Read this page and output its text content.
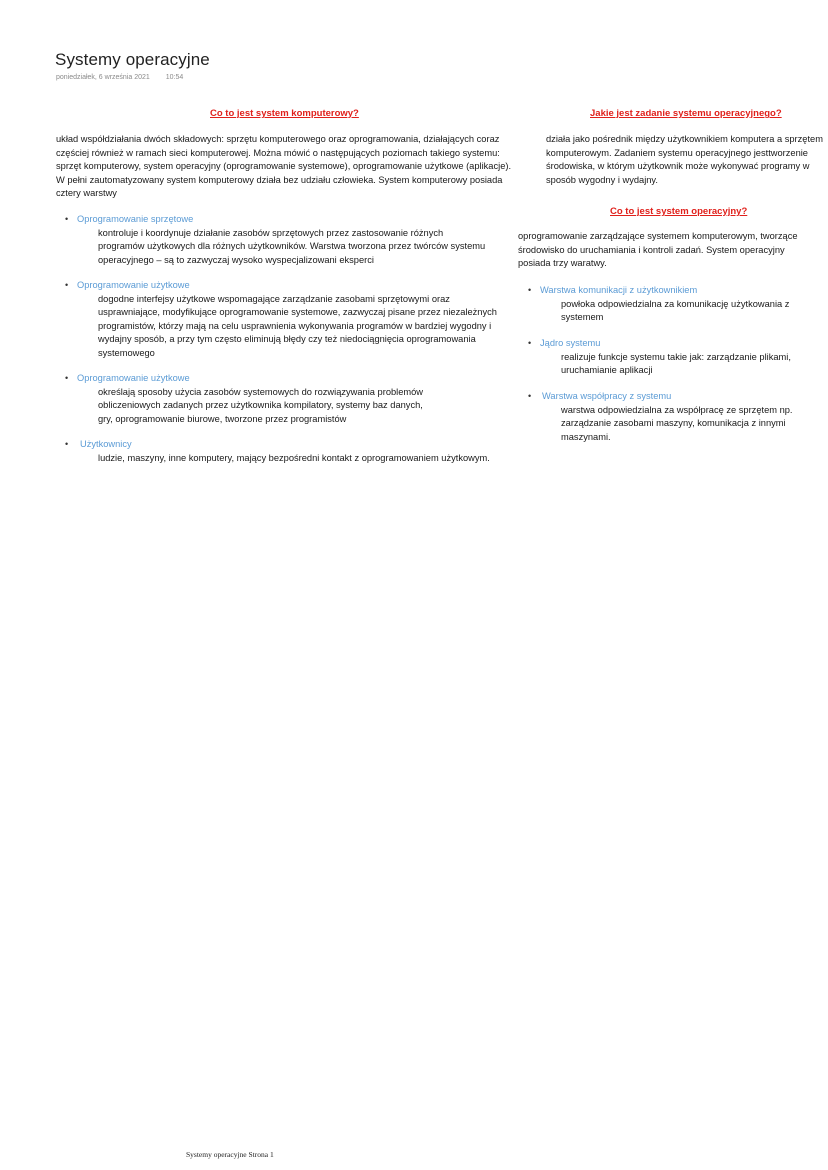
Systemy operacyjne
poniedziałek, 6 września 2021 10:54
Co to jest system komputerowy?
układ współdziałania dwóch składowych: sprzętu komputerowego oraz oprogramowania, działających coraz częściej również w ramach sieci komputerowej. Można mówić o następujących poziomach takiego systemu: sprzęt komputerowy, system operacyjny (oprogramowanie systemowe), oprogramowanie użytkowe (aplikacje). W pełni zautomatyzowany system komputerowy działa bez udziału człowieka. System komputerowy posiada cztery warstwy
• Oprogramowanie sprzętowe
kontroluje i koordynuje działanie zasobów sprzętowych przez zastosowanie różnych programów użytkowych dla różnych użytkowników. Warstwa tworzona przez twórców systemu operacyjnego – są to zazwyczaj wysoko wyspecjalizowani eksperci
• Oprogramowanie użytkowe
dogodne interfejsy użytkowe wspomagające zarządzanie zasobami sprzętowymi oraz usprawniające, modyfikujące oprogramowanie systemowe, zazwyczaj pisane przez niezależnych programistów, którzy mają na celu usprawnienia wykonywania programów w bardziej wygodny i wydajny sposób, a przy tym często eliminują błędy czy też niedociągnięcia oprogramowania systemowego
• Oprogramowanie użytkowe
określają sposoby użycia zasobów systemowych do rozwiązywania problemów obliczeniowych zadanych przez użytkownika kompilatory, systemy baz danych, gry, oprogramowanie biurowe, tworzone przez programistów
• Użytkownicy
ludzie, maszyny, inne komputery, mający bezpośredni kontakt z oprogramowaniem użytkowym.
Jakie jest zadanie systemu operacyjnego?
działa jako pośrednik między użytkownikiem komputera a sprzętem komputerowym. Zadaniem systemu operacyjnego jesttworzenie środowiska, w którym użytkownik może wykonywać programy w sposób wygodny i wydajny.
Co to jest system operacyjny?
oprogramowanie zarządzające systemem komputerowym, tworzące środowisko do uruchamiania i kontroli zadań. System operacyjny posiada trzy waratwy.
• Warstwa komunikacji z użytkownikiem
powłoka odpowiedzialna za komunikację użytkowania z systemem
• Jądro systemu
realizuje funkcje systemu takie jak: zarządzanie plikami, uruchamianie aplikacji
• Warstwa współpracy z systemu
warstwa odpowiedzialna za współpracę ze sprzętem np. zarządzanie zasobami maszyny, komunikacja z innymi maszynami.
Systemy operacyjne Strona 1
